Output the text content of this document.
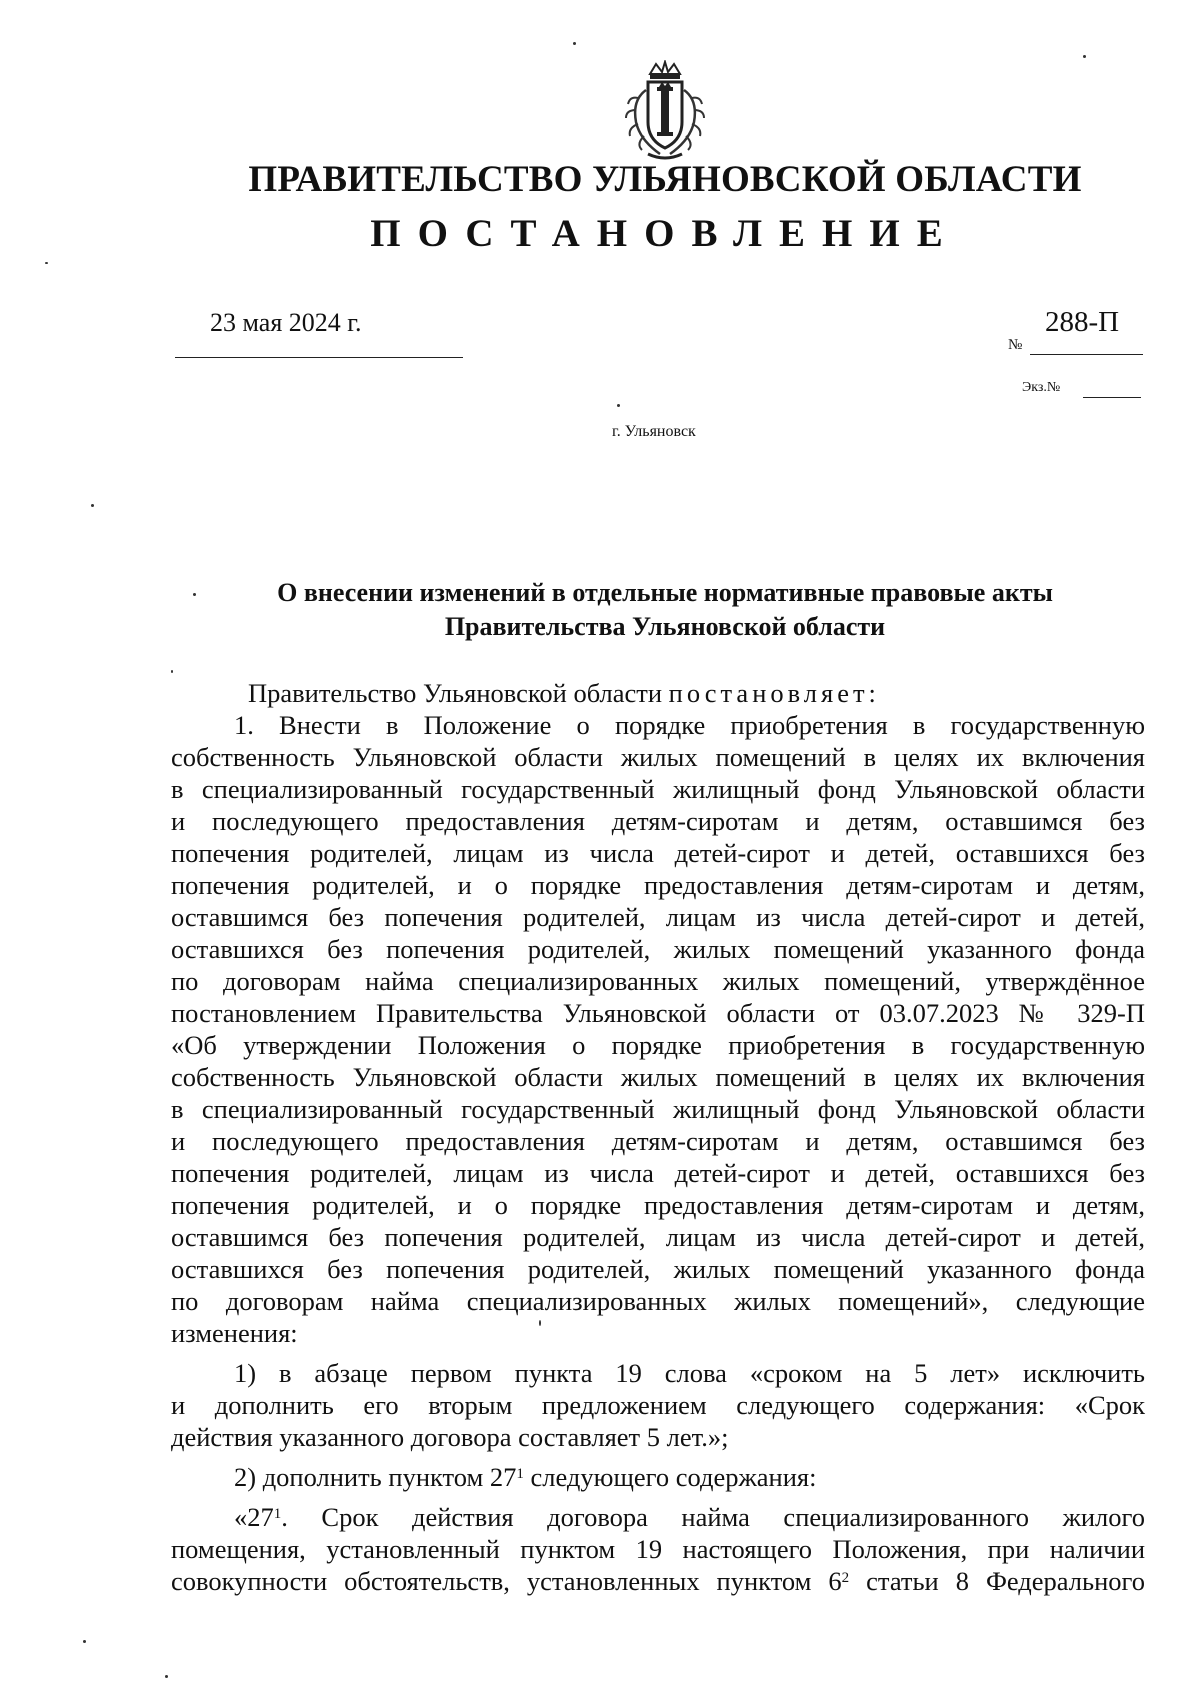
ПРАВИТЕЛЬСТВО УЛЬЯНОВСКОЙ ОБЛАСТИ
ПОСТАНОВЛЕНИЕ
23 мая 2024 г.
№
288-П
Экз.№
г. Ульяновск
О внесении изменений в отдельные нормативные правовые акты
Правительства Ульяновской области
Правительство Ульяновской области постановляет:
1. Внести в Положение о порядке приобретения в государственную
собственность Ульяновской области жилых помещений в целях их включения
в специализированный государственный жилищный фонд Ульяновской области
и последующего предоставления детям-сиротам и детям, оставшимся без
попечения родителей, лицам из числа детей-сирот и детей, оставшихся без
попечения родителей, и о порядке предоставления детям-сиротам и детям,
оставшимся без попечения родителей, лицам из числа детей-сирот и детей,
оставшихся без попечения родителей, жилых помещений указанного фонда
по договорам найма специализированных жилых помещений, утверждённое
постановлением Правительства Ульяновской области от 03.07.2023 № 329-П
«Об утверждении Положения о порядке приобретения в государственную
собственность Ульяновской области жилых помещений в целях их включения
в специализированный государственный жилищный фонд Ульяновской области
и последующего предоставления детям-сиротам и детям, оставшимся без
попечения родителей, лицам из числа детей-сирот и детей, оставшихся без
попечения родителей, и о порядке предоставления детям-сиротам и детям,
оставшимся без попечения родителей, лицам из числа детей-сирот и детей,
оставшихся без попечения родителей, жилых помещений указанного фонда
по договорам найма специализированных жилых помещений», следующие
изменения:
1) в абзаце первом пункта 19 слова «сроком на 5 лет» исключить
и дополнить его вторым предложением следующего содержания: «Срок
действия указанного договора составляет 5 лет.»;
2) дополнить пунктом $27^1$ следующего содержания:
«$27^1$. Срок действия договора найма специализированного жилого
помещения, установленный пунктом 19 настоящего Положения, при наличии
совокупности обстоятельств, установленных пунктом $6^2$ статьи 8 Федерального
